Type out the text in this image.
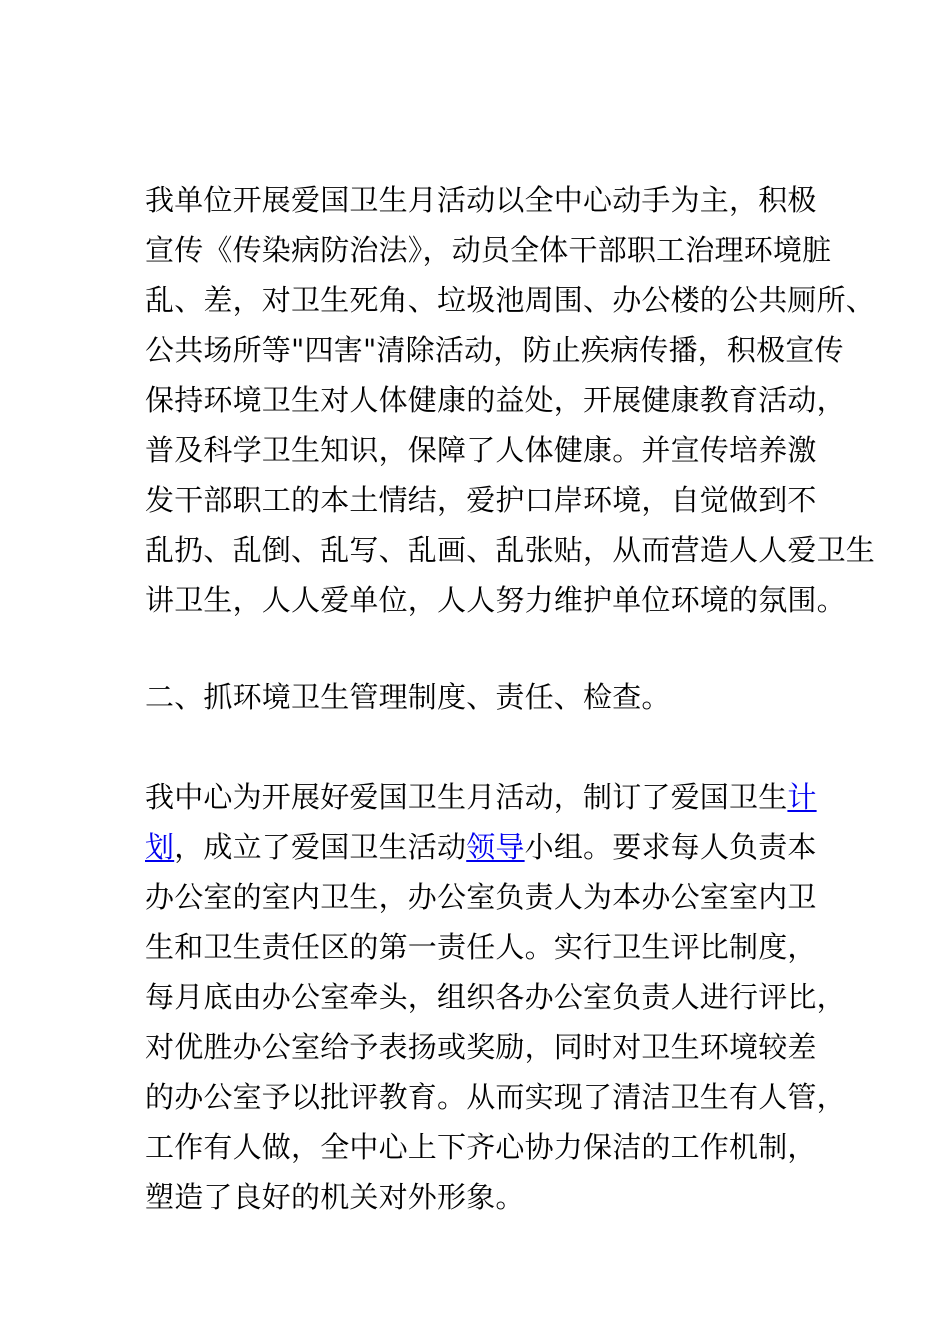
我单位开展爱国卫生月活动以全中心动手为主，积极
宣传《传染病防治法》，动员全体干部职工治理环境脏
乱、差，对卫生死角、垃圾池周围、办公楼的公共厕所、
公共场所等"四害"清除活动，防止疾病传播，积极宣传
保持环境卫生对人体健康的益处，开展健康教育活动，
普及科学卫生知识，保障了人体健康。并宣传培养激
发干部职工的本土情结，爱护口岸环境，自觉做到不
乱扔、乱倒、乱写、乱画、乱张贴，从而营造人人爱卫生
讲卫生，人人爱单位，人人努力维护单位环境的氛围。
二、抓环境卫生管理制度、责任、检查。
我中心为开展好爱国卫生月活动，制订了爱国卫生计
划，成立了爱国卫生活动领导小组。要求每人负责本
办公室的室内卫生，办公室负责人为本办公室室内卫
生和卫生责任区的第一责任人。实行卫生评比制度，
每月底由办公室牵头，组织各办公室负责人进行评比，
对优胜办公室给予表扬或奖励，同时对卫生环境较差
的办公室予以批评教育。从而实现了清洁卫生有人管，
工作有人做，全中心上下齐心协力保洁的工作机制，
塑造了良好的机关对外形象。
